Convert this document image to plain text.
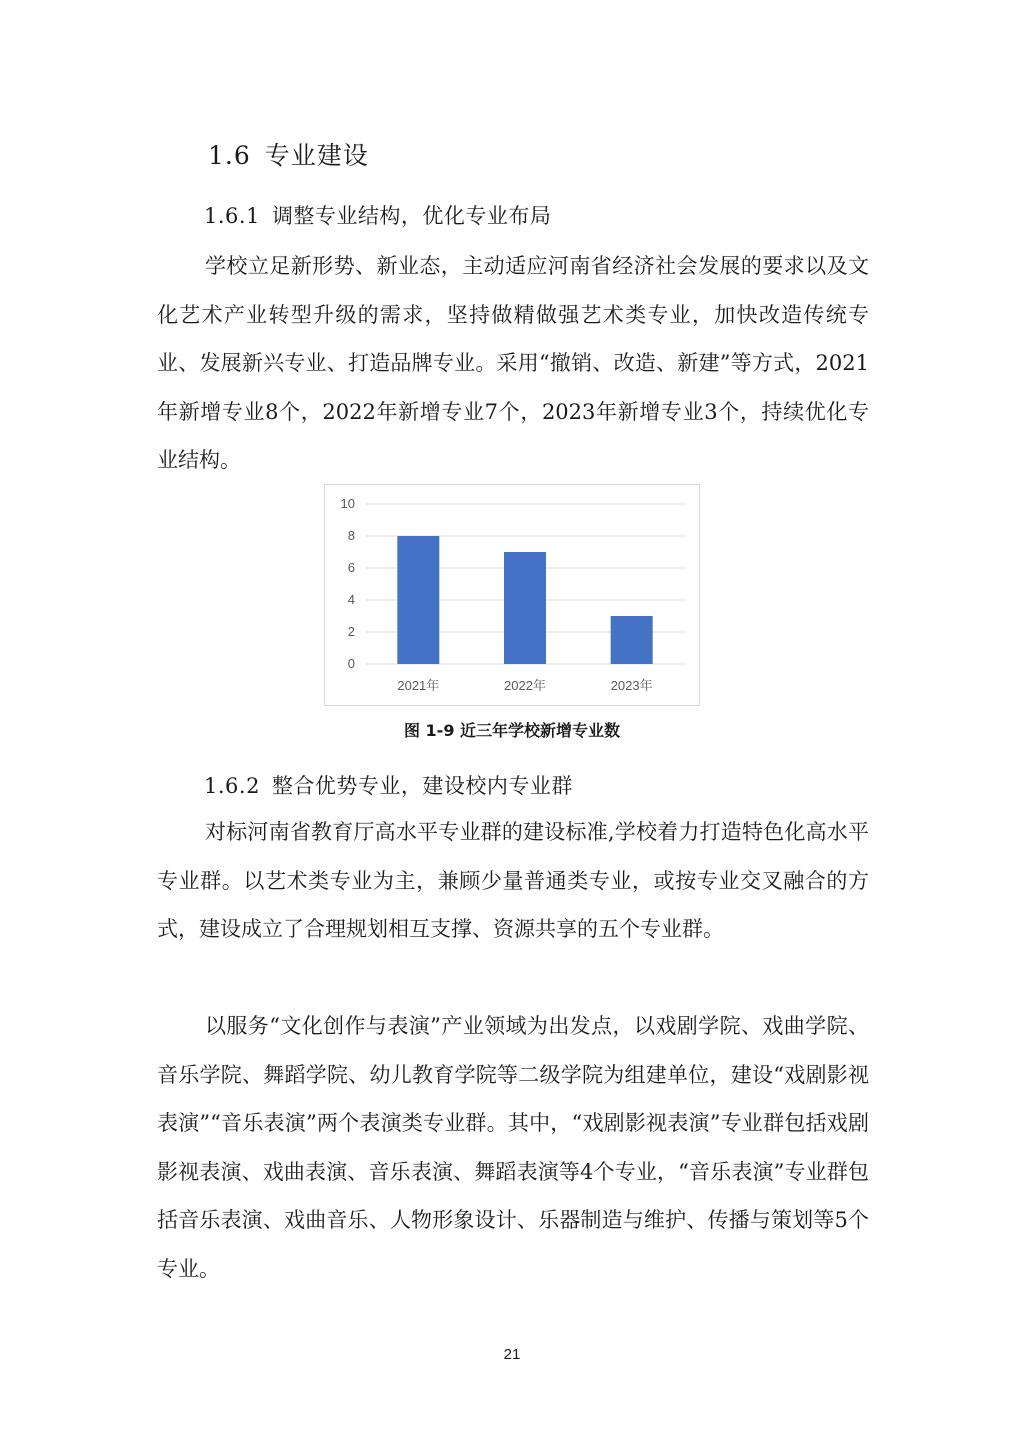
1.6 专业建设
1.6.1 调整专业结构，优化专业布局

学校立足新形势、新业态，主动适应河南省经济社会发展的要求以及文化艺术产业转型升级的需求，坚持做精做强艺术类专业，加快改造传统专业、发展新兴专业、打造品牌专业。采用“撤销、改造、新建”等方式，2021年新增专业8个，2022年新增专业7个，2023年新增专业3个，持续优化专业结构。

0
2
4
6
8
10
2021年	2022年	2023年
图 1-9 近三年学校新增专业数
1.6.2 整合优势专业，建设校内专业群

对标河南省教育厅高水平专业群的建设标准,学校着力打造特色化高水平专业群。以艺术类专业为主，兼顾少量普通类专业，或按专业交叉融合的方式，建设成立了合理规划相互支撑、资源共享的五个专业群。

以服务“文化创作与表演”产业领域为出发点，以戏剧学院、戏曲学院、音乐学院、舞蹈学院、幼儿教育学院等二级学院为组建单位，建设“戏剧影视表演”“音乐表演”两个表演类专业群。其中，“戏剧影视表演”专业群包括戏剧影视表演、戏曲表演、音乐表演、舞蹈表演等4个专业，“音乐表演”专业群包括音乐表演、戏曲音乐、人物形象设计、乐器制造与维护、传播与策划等5个专业。

21
